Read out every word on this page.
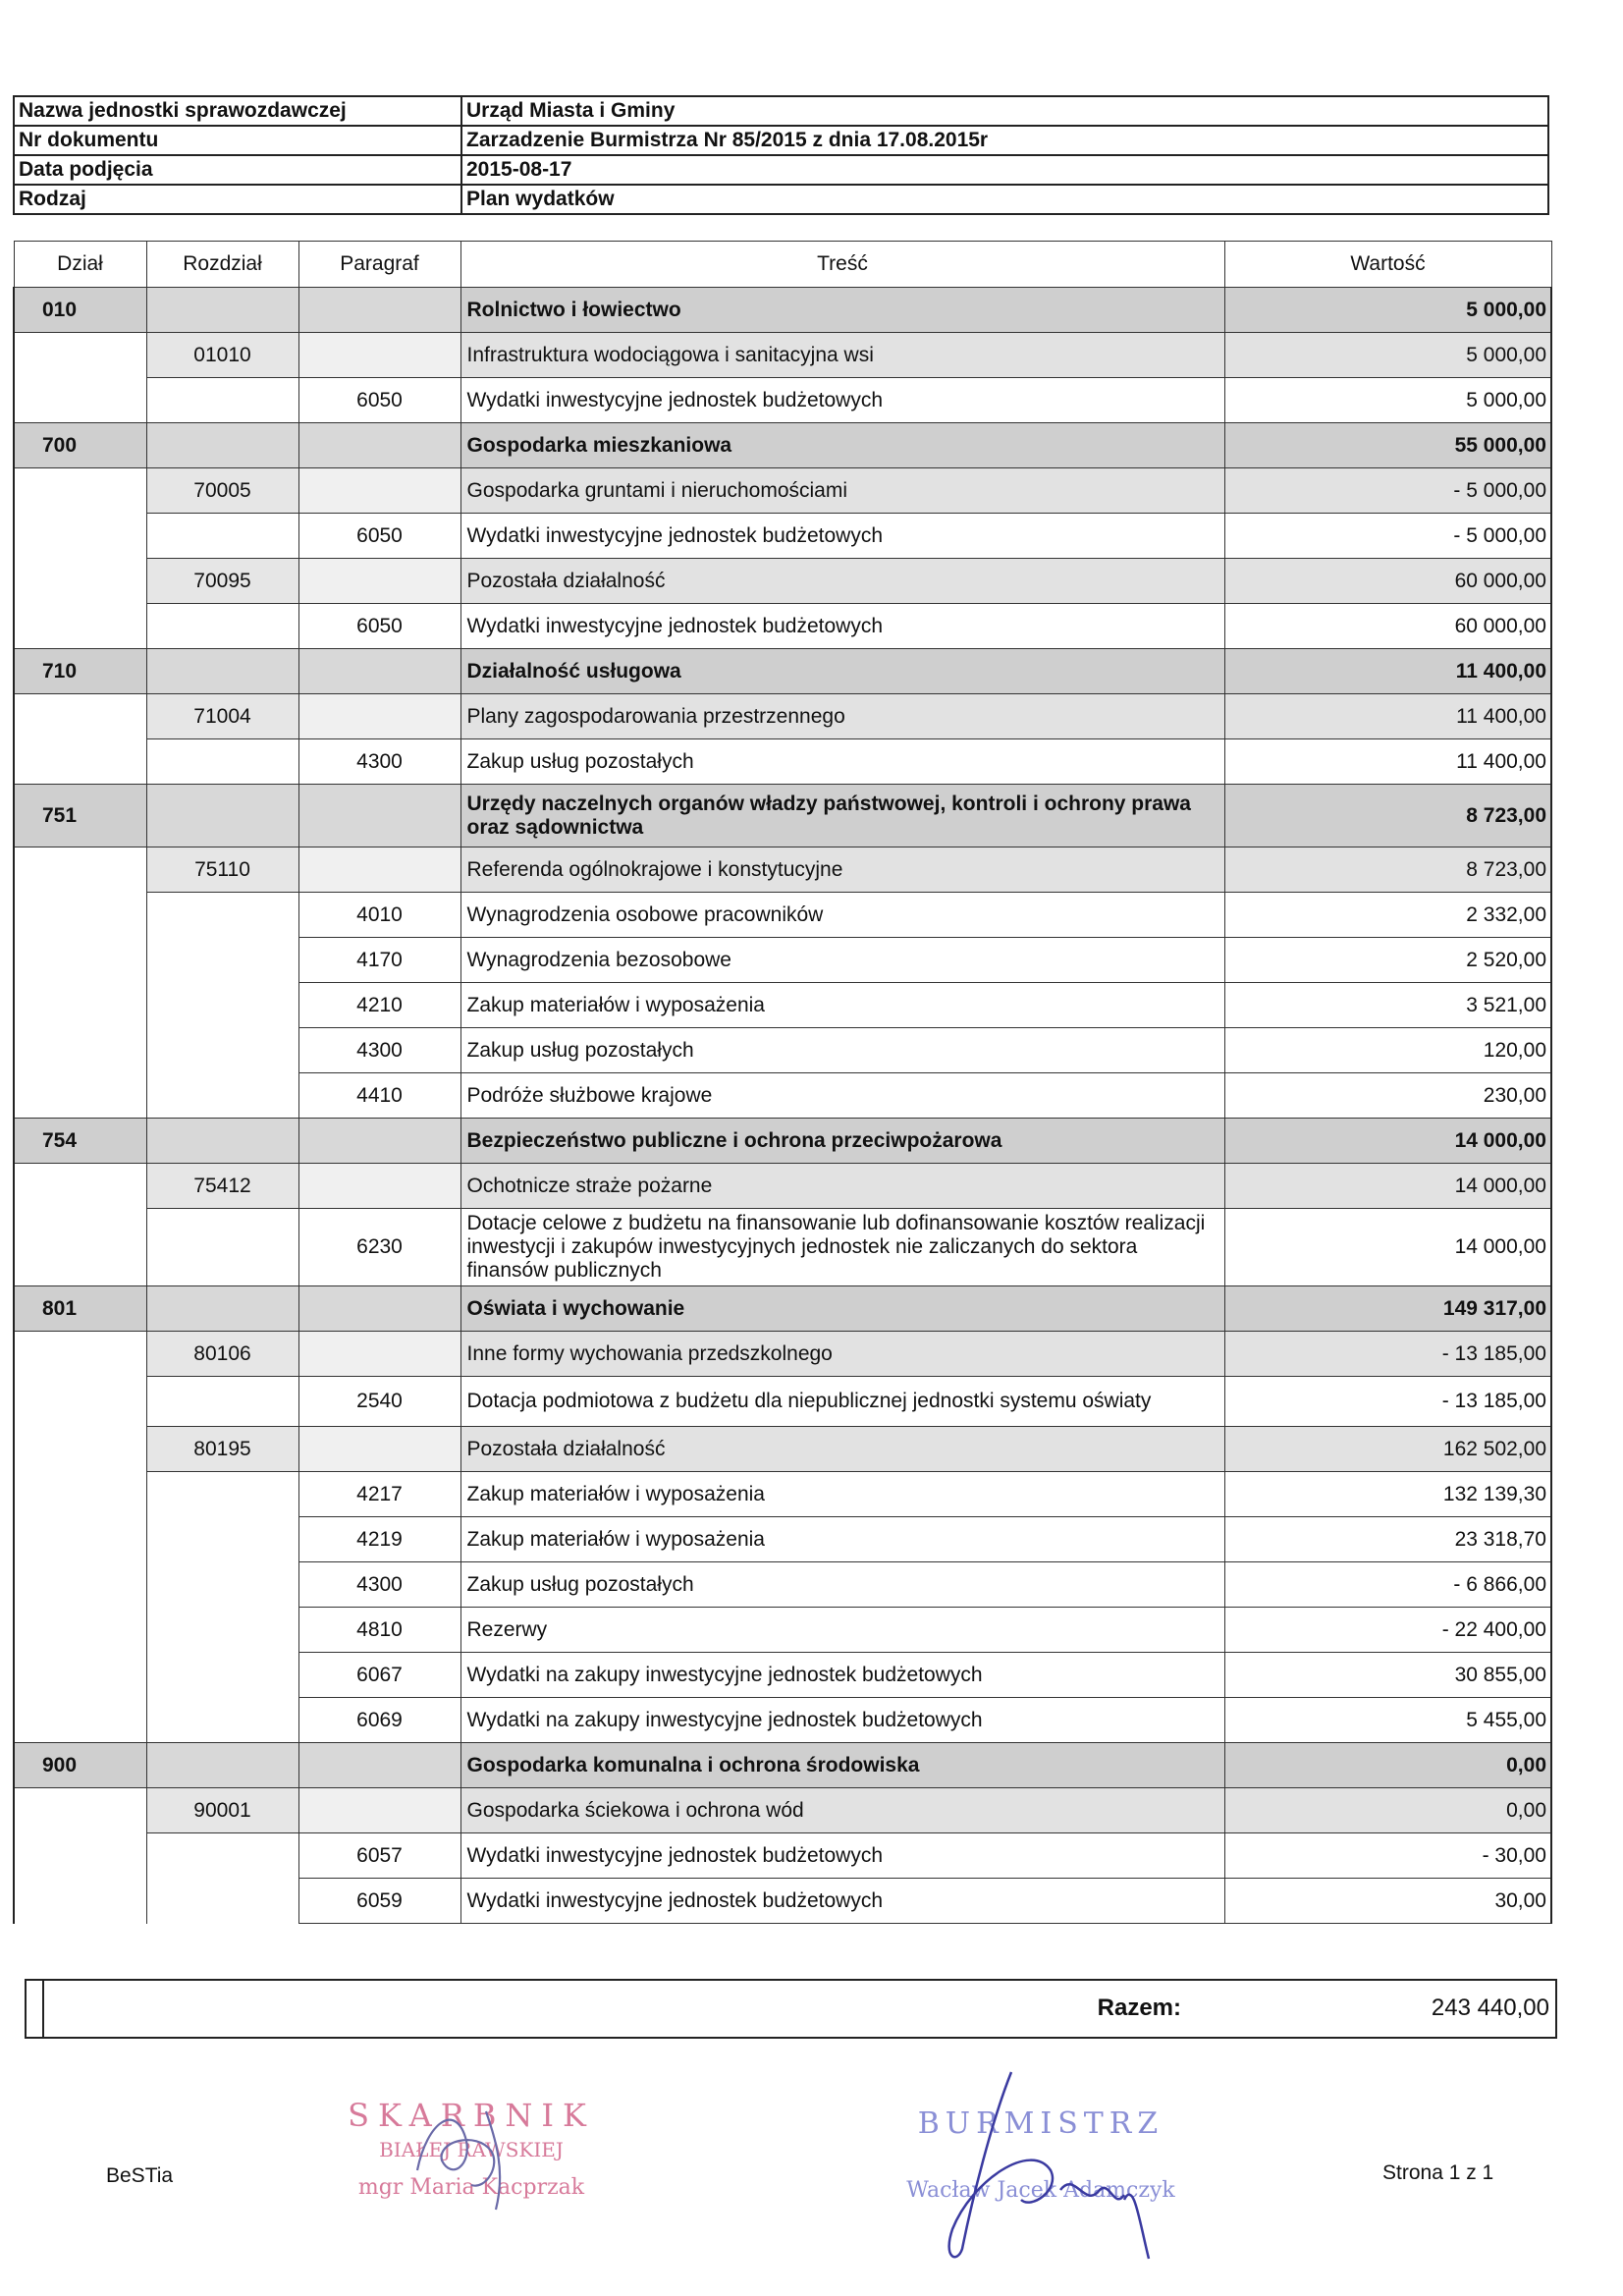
Nazwa jednostki sprawozdawczej	Urząd Miasta i Gminy
Nr dokumentu	Zarzadzenie Burmistrza Nr 85/2015 z dnia 17.08.2015r
Data podjęcia	2015-08-17
Rodzaj	Plan wydatków
Dział	Rozdział	Paragraf	Treść	Wartość
010			Rolnictwo i łowiectwo	5 000,00
	01010		Infrastruktura wodociągowa i sanitacyjna wsi	5 000,00
		6050	Wydatki inwestycyjne jednostek budżetowych	5 000,00
700			Gospodarka mieszkaniowa	55 000,00
	70005		Gospodarka gruntami i nieruchomościami	- 5 000,00
		6050	Wydatki inwestycyjne jednostek budżetowych	- 5 000,00
	70095		Pozostała działalność	60 000,00
		6050	Wydatki inwestycyjne jednostek budżetowych	60 000,00
710			Działalność usługowa	11 400,00
	71004		Plany zagospodarowania przestrzennego	11 400,00
		4300	Zakup usług pozostałych	11 400,00
751			Urzędy naczelnych organów władzy państwowej, kontroli i ochrony prawa oraz sądownictwa	8 723,00
	75110		Referenda ogólnokrajowe i konstytucyjne	8 723,00
		4010	Wynagrodzenia osobowe pracowników	2 332,00
		4170	Wynagrodzenia bezosobowe	2 520,00
		4210	Zakup materiałów i wyposażenia	3 521,00
		4300	Zakup usług pozostałych	120,00
		4410	Podróże służbowe krajowe	230,00
754			Bezpieczeństwo publiczne i ochrona przeciwpożarowa	14 000,00
	75412		Ochotnicze straże pożarne	14 000,00
		6230	Dotacje celowe z budżetu na finansowanie lub dofinansowanie kosztów realizacji inwestycji i zakupów inwestycyjnych jednostek nie zaliczanych do sektora finansów publicznych	14 000,00
801			Oświata i wychowanie	149 317,00
	80106		Inne formy wychowania przedszkolnego	- 13 185,00
		2540	Dotacja podmiotowa z budżetu dla niepublicznej jednostki systemu oświaty	- 13 185,00
	80195		Pozostała działalność	162 502,00
		4217	Zakup materiałów i wyposażenia	132 139,30
		4219	Zakup materiałów i wyposażenia	23 318,70
		4300	Zakup usług pozostałych	- 6 866,00
		4810	Rezerwy	- 22 400,00
		6067	Wydatki na zakupy inwestycyjne jednostek budżetowych	30 855,00
		6069	Wydatki na zakupy inwestycyjne jednostek budżetowych	5 455,00
900			Gospodarka komunalna i ochrona środowiska	0,00
	90001		Gospodarka ściekowa i ochrona wód	0,00
		6057	Wydatki inwestycyjne jednostek budżetowych	- 30,00
		6059	Wydatki inwestycyjne jednostek budżetowych	30,00
Razem:	243 440,00
BeSTia	Strona 1 z 1
SKARBNIK
BIAŁEJ RAWSKIEJ
mgr Maria Kacprzak
BURMISTRZ
Wacław Jacek Adamczyk
